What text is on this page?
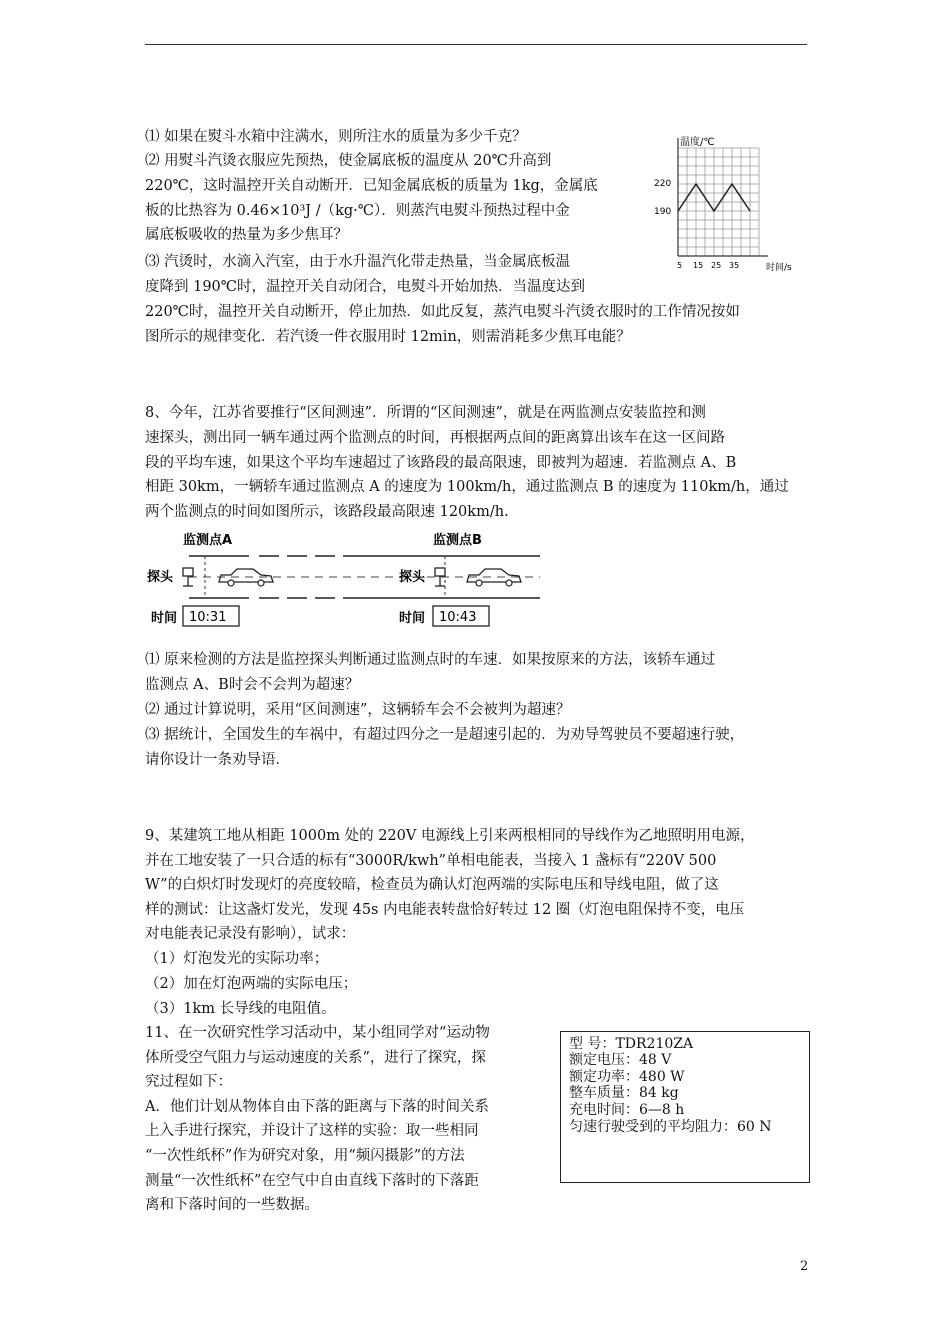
⑴ 如果在熨斗水箱中注满水，则所注水的质量为多少千克？
⑵ 用熨斗汽烫衣服应先预热，使金属底板的温度从 20℃升高到
220℃，这时温控开关自动断开．已知金属底板的质量为 1kg，金属底
板的比热容为 0.46×10³J /（kg·℃）．则蒸汽电熨斗预热过程中金
属底板吸收的热量为多少焦耳？
⑶ 汽烫时，水滴入汽室，由于水升温汽化带走热量，当金属底板温
度降到 190℃时，温控开关自动闭合，电熨斗开始加热．当温度达到
220℃时，温控开关自动断开，停止加热．如此反复，蒸汽电熨斗汽烫衣服时的工作情况按如
图所示的规律变化．若汽烫一件衣服用时 12min，则需消耗多少焦耳电能？
温度/℃
220
190
5 15 25 35	时间/s
8、今年，江苏省要推行“区间测速”．所谓的“区间测速”，就是在两监测点安装监控和测
速探头，测出同一辆车通过两个监测点的时间，再根据两点间的距离算出该车在这一区间路
段的平均车速，如果这个平均车速超过了该路段的最高限速，即被判为超速．若监测点 A、B
相距 30km，一辆轿车通过监测点 A 的速度为 100km/h，通过监测点 B 的速度为 110km/h，通过
两个监测点的时间如图所示，该路段最高限速 120km/h.
监测点A	监测点B
探头	探头
时间 10:31	时间 10:43
⑴ 原来检测的方法是监控探头判断通过监测点时的车速．如果按原来的方法，该轿车通过
监测点 A、B时会不会判为超速？
⑵ 通过计算说明，采用“区间测速”，这辆轿车会不会被判为超速？
⑶ 据统计，全国发生的车祸中，有超过四分之一是超速引起的．为劝导驾驶员不要超速行驶，
请你设计一条劝导语．
9、某建筑工地从相距 1000m 处的 220V 电源线上引来两根相同的导线作为乙地照明用电源，
并在工地安装了一只合适的标有“3000R/kwh”单相电能表，当接入 1 盏标有“220V 500
W”的白炽灯时发现灯的亮度较暗，检查员为确认灯泡两端的实际电压和导线电阻，做了这
样的测试：让这盏灯发光，发现 45s 内电能表转盘恰好转过 12 圈（灯泡电阻保持不变，电压
对电能表记录没有影响），试求：
（1）灯泡发光的实际功率；
（2）加在灯泡两端的实际电压；
（3）1km 长导线的电阻值。
11、在一次研究性学习活动中，某小组同学对“运动物
体所受空气阻力与运动速度的关系”，进行了探究，探
究过程如下：
A．他们计划从物体自由下落的距离与下落的时间关系
上入手进行探究，并设计了这样的实验：取一些相同
“一次性纸杯”作为研究对象，用“频闪摄影”的方法
测量“一次性纸杯”在空气中自由直线下落时的下落距
离和下落时间的一些数据。
型 号：TDR210ZA
额定电压：48 V
额定功率：480 W
整车质量：84 kg
充电时间：6—8 h
匀速行驶受到的平均阻力：60 N
2
